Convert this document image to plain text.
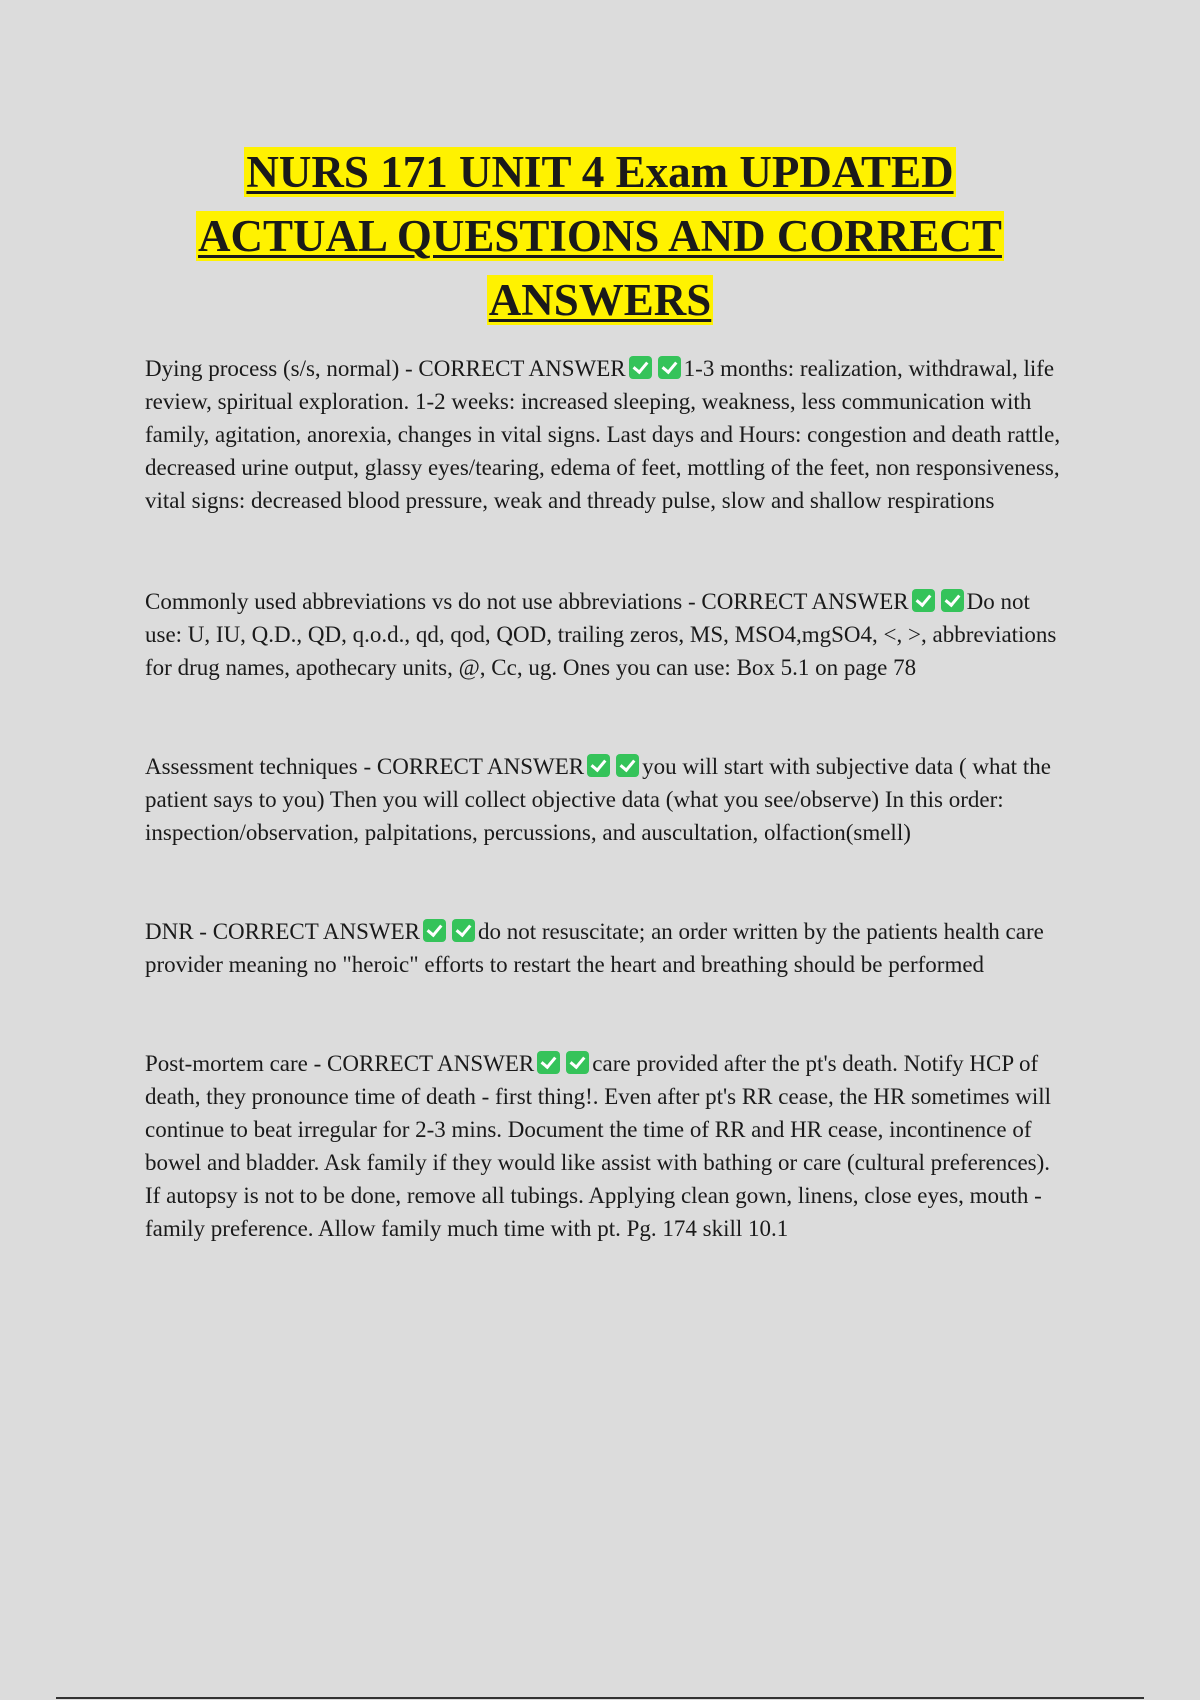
NURS 171 UNIT 4 Exam UPDATED
ACTUAL QUESTIONS AND CORRECT
ANSWERS

Dying process (s/s, normal) - CORRECT ANSWER	1-3 months: realization, withdrawal, life review, spiritual exploration. 1-2 weeks: increased sleeping, weakness, less communication with family, agitation, anorexia, changes in vital signs. Last days and Hours: congestion and death rattle, decreased urine output, glassy eyes/tearing, edema of feet, mottling of the feet, non responsiveness, vital signs: decreased blood pressure, weak and thready pulse, slow and shallow respirations

Commonly used abbreviations vs do not use abbreviations - CORRECT ANSWER	Do not use: U, IU, Q.D., QD, q.o.d., qd, qod, QOD, trailing zeros, MS, MSO4,mgSO4, <, >, abbreviations for drug names, apothecary units, @, Cc, ug. Ones you can use: Box 5.1 on page 78

Assessment techniques - CORRECT ANSWER	you will start with subjective data ( what the patient says to you) Then you will collect objective data (what you see/observe) In this order: inspection/observation, palpitations, percussions, and auscultation, olfaction(smell)

DNR - CORRECT ANSWER	do not resuscitate; an order written by the patients health care provider meaning no "heroic" efforts to restart the heart and breathing should be performed

Post-mortem care - CORRECT ANSWER	care provided after the pt's death. Notify HCP of death, they pronounce time of death - first thing!. Even after pt's RR cease, the HR sometimes will continue to beat irregular for 2-3 mins. Document the time of RR and HR cease, incontinence of bowel and bladder. Ask family if they would like assist with bathing or care (cultural preferences). If autopsy is not to be done, remove all tubings. Applying clean gown, linens, close eyes, mouth - family preference. Allow family much time with pt. Pg. 174 skill 10.1
